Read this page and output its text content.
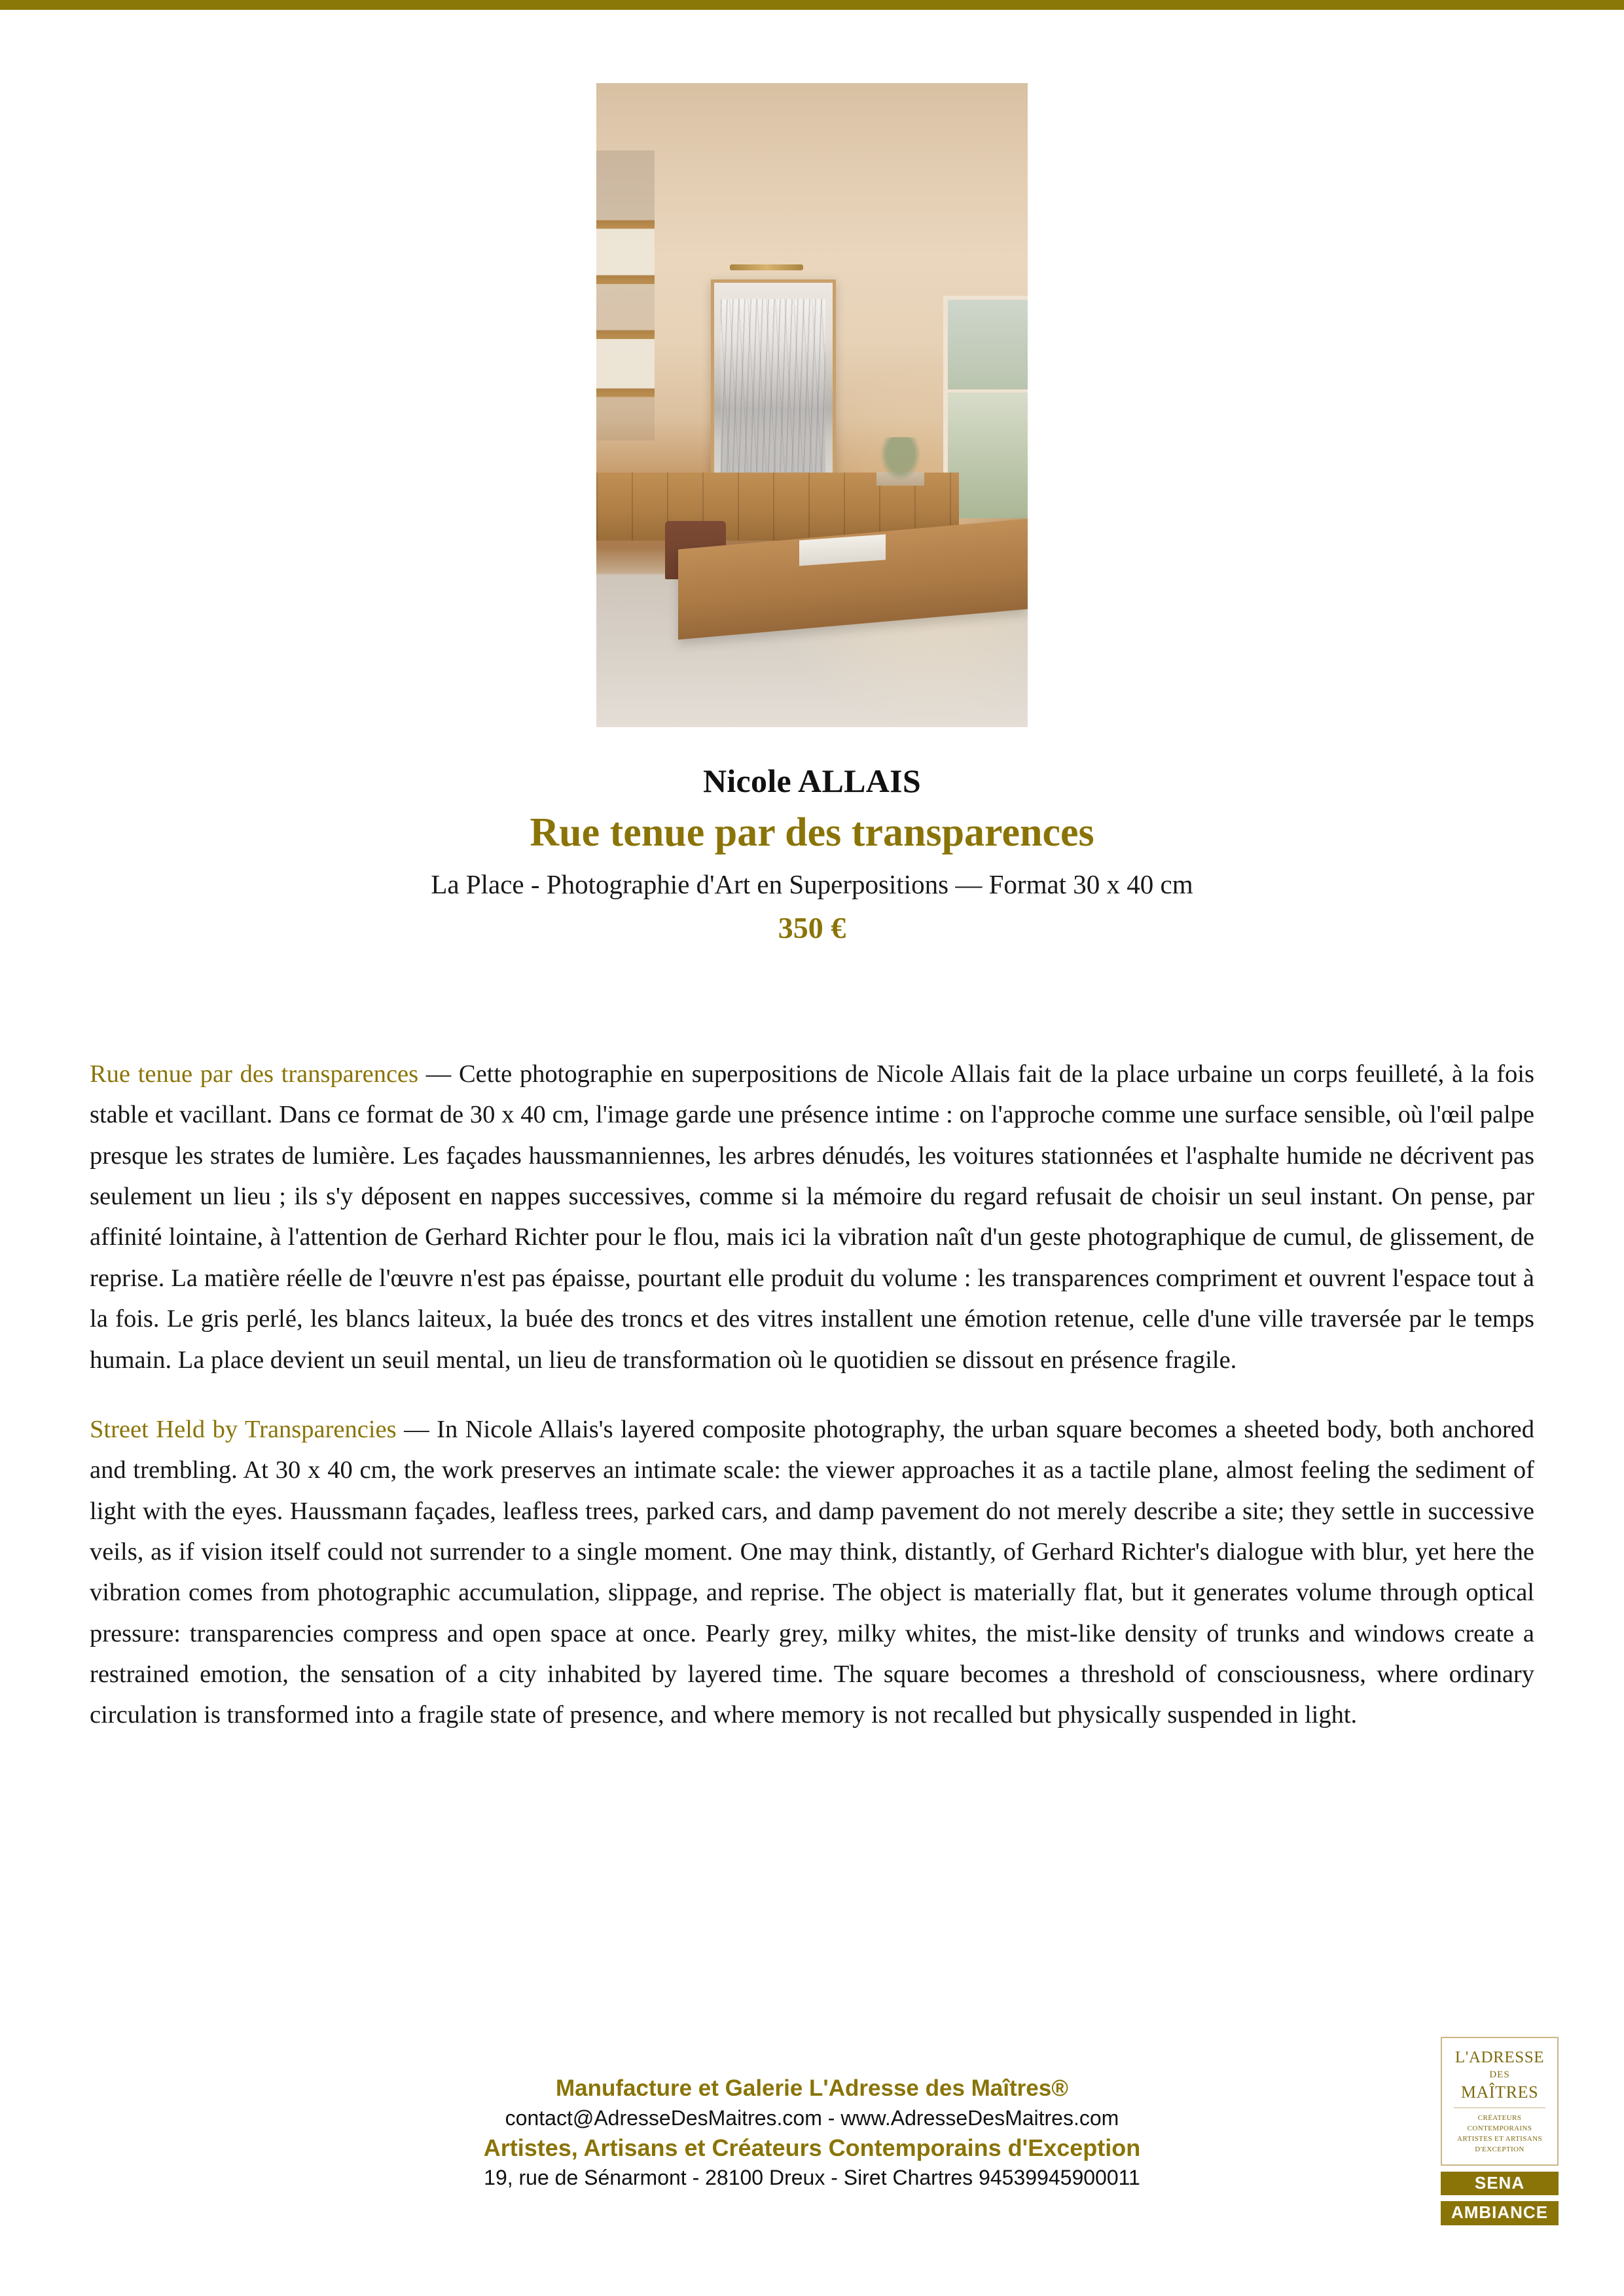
Nicole ALLAIS
Rue tenue par des transparences
La Place - Photographie d'Art en Superpositions — Format 30 x 40 cm
350 €

Rue tenue par des transparences — Cette photographie en superpositions de Nicole Allais fait de la place urbaine un corps feuilleté, à la fois stable et vacillant. Dans ce format de 30 x 40 cm, l'image garde une présence intime : on l'approche comme une surface sensible, où l'œil palpe presque les strates de lumière. Les façades haussmanniennes, les arbres dénudés, les voitures stationnées et l'asphalte humide ne décrivent pas seulement un lieu ; ils s'y déposent en nappes successives, comme si la mémoire du regard refusait de choisir un seul instant. On pense, par affinité lointaine, à l'attention de Gerhard Richter pour le flou, mais ici la vibration naît d'un geste photographique de cumul, de glissement, de reprise. La matière réelle de l'œuvre n'est pas épaisse, pourtant elle produit du volume : les transparences compriment et ouvrent l'espace tout à la fois. Le gris perlé, les blancs laiteux, la buée des troncs et des vitres installent une émotion retenue, celle d'une ville traversée par le temps humain. La place devient un seuil mental, un lieu de transformation où le quotidien se dissout en présence fragile.

Street Held by Transparencies — In Nicole Allais's layered composite photography, the urban square becomes a sheeted body, both anchored and trembling. At 30 x 40 cm, the work preserves an intimate scale: the viewer approaches it as a tactile plane, almost feeling the sediment of light with the eyes. Haussmann façades, leafless trees, parked cars, and damp pavement do not merely describe a site; they settle in successive veils, as if vision itself could not surrender to a single moment. One may think, distantly, of Gerhard Richter's dialogue with blur, yet here the vibration comes from photographic accumulation, slippage, and reprise. The object is materially flat, but it generates volume through optical pressure: transparencies compress and open space at once. Pearly grey, milky whites, the mist-like density of trunks and windows create a restrained emotion, the sensation of a city inhabited by layered time. The square becomes a threshold of consciousness, where ordinary circulation is transformed into a fragile state of presence, and where memory is not recalled but physically suspended in light.

Manufacture et Galerie L'Adresse des Maîtres®
contact@AdresseDesMaitres.com - www.AdresseDesMaitres.com
Artistes, Artisans et Créateurs Contemporains d'Exception
19, rue de Sénarmont - 28100 Dreux - Siret Chartres 94539945900011
L'ADRESSE
DES
MAÎTRES
CRÉATEURS CONTEMPORAINS
ARTISTES ET ARTISANS
D'EXCEPTION
SENA
AMBIANCE
